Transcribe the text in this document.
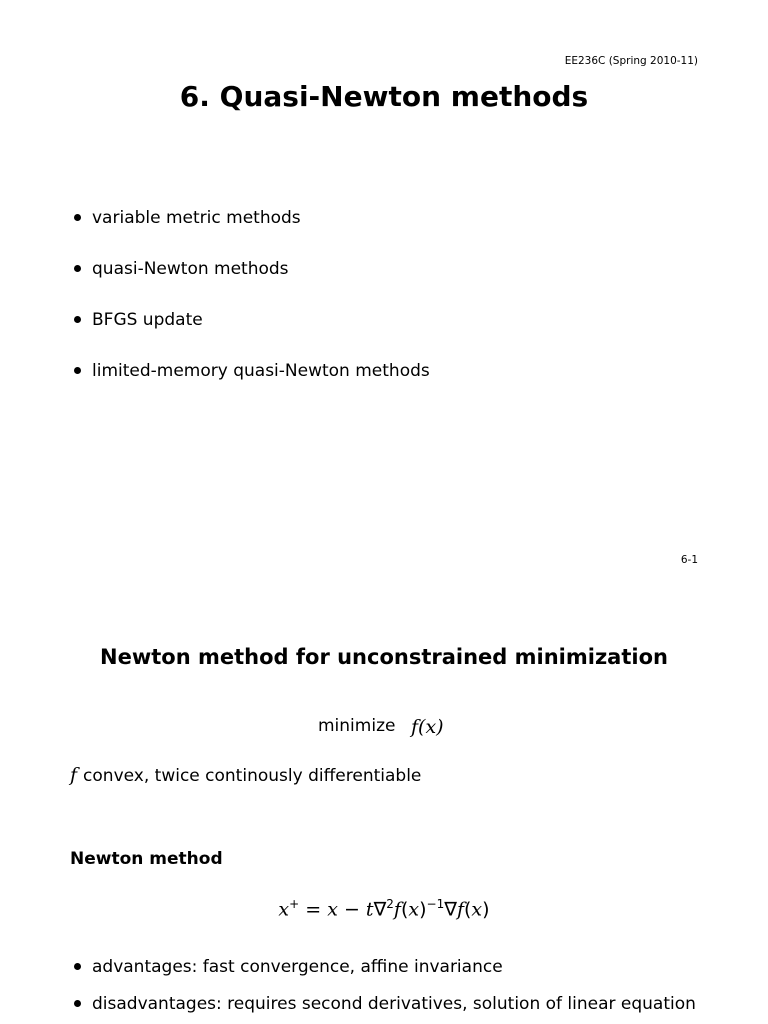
EE236C (Spring 2010-11)
6. Quasi-Newton methods
variable metric methods
quasi-Newton methods
BFGS update
limited-memory quasi-Newton methods
6-1
Newton method for unconstrained minimization
minimize f(x)
f convex, twice continously differentiable
Newton method
$x^+ = x - t\nabla^2f(x)^{-1}\nabla f(x)$
advantages: fast convergence, affine invariance
disadvantages: requires second derivatives, solution of linear equation
